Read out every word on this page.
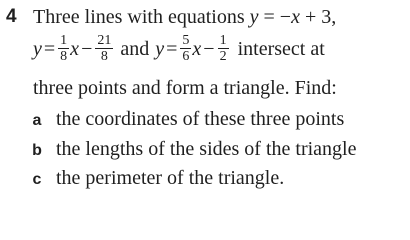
4 Three lines with equations y = −x + 3,
$y = \frac{1}{8}$ $x - \frac{21}{8}$ and $y = \frac{5}{6}$ $x - \frac{1}{2}$ intersect at
three points and form a triangle. Find:
a the coordinates of these three points
b the lengths of the sides of the triangle
c the perimeter of the triangle.
